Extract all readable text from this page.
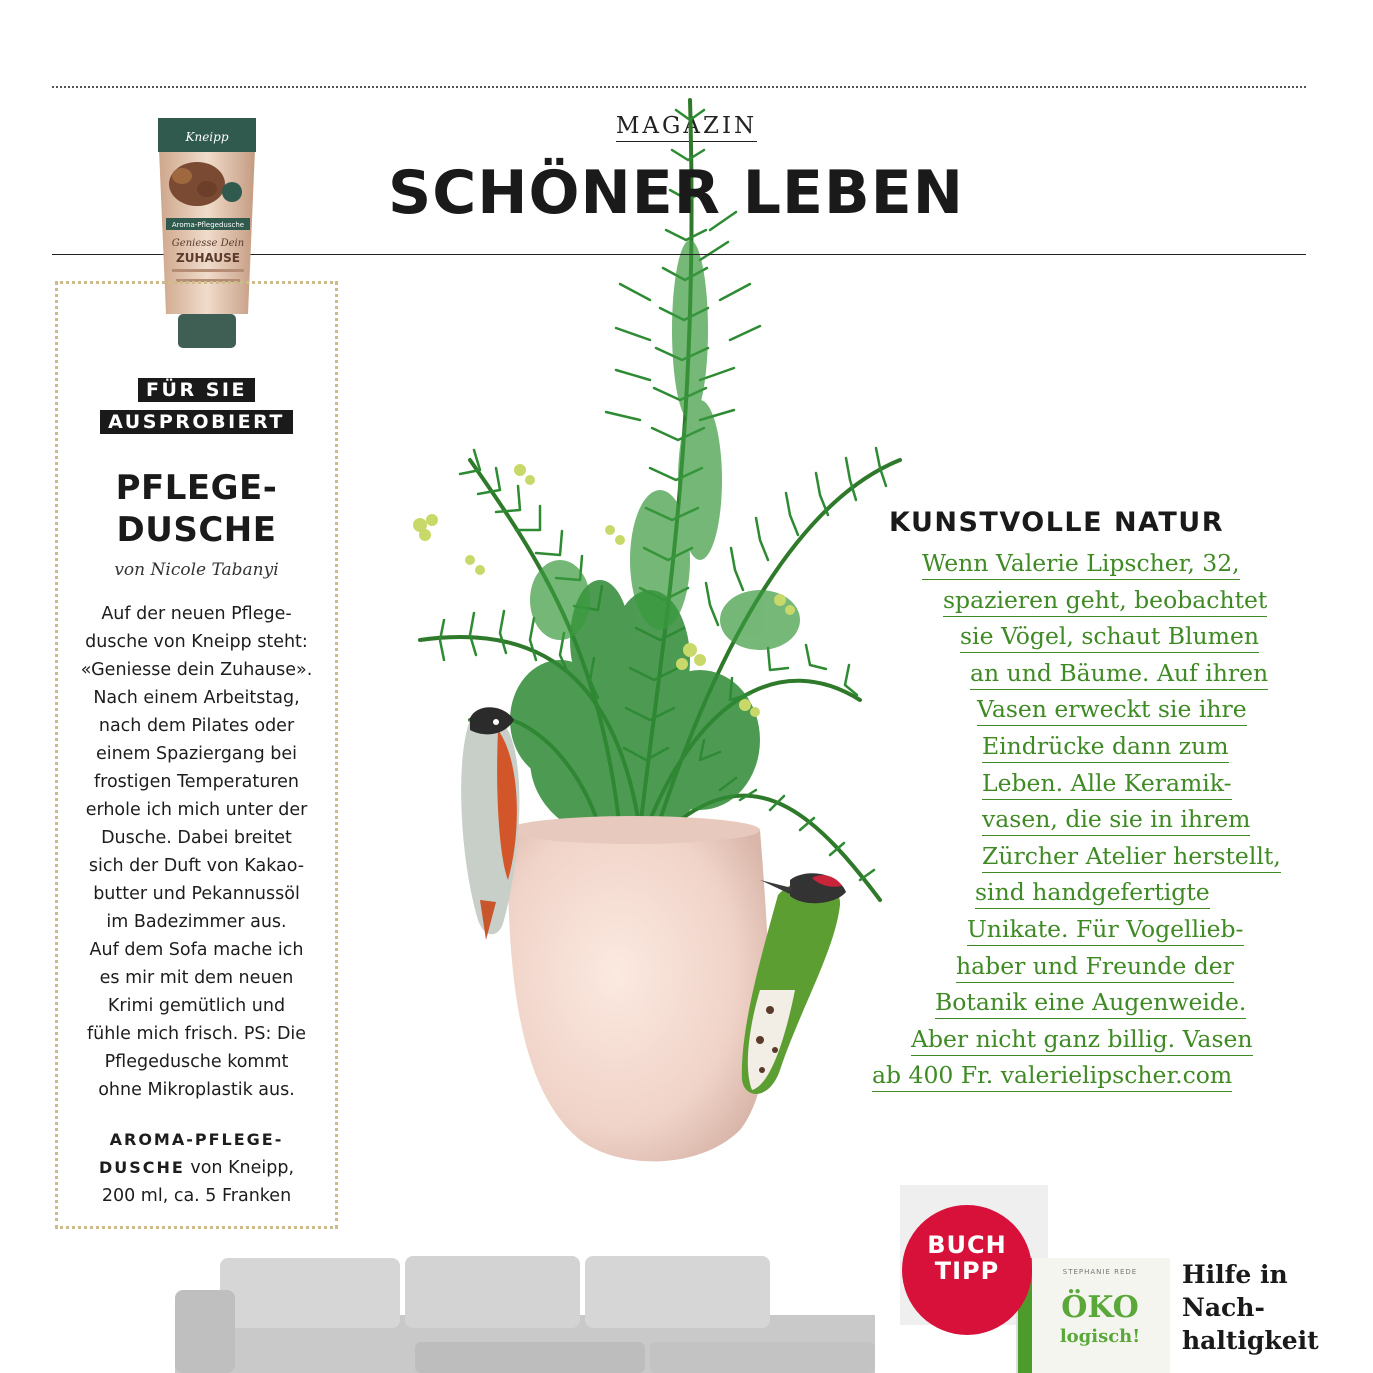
MAGAZIN
SCHÖNER LEBEN
Kneipp
Aroma-Pflegedusche
Geniesse Dein
ZUHAUSE
FÜR SIE
AUSPROBIERT
PFLEGE-
DUSCHE
von Nicole Tabanyi
Auf der neuen Pflege-
dusche von Kneipp steht:
«Geniesse dein Zuhause».
Nach einem Arbeitstag,
nach dem Pilates oder
einem Spaziergang bei
frostigen Temperaturen
erhole ich mich unter der
Dusche. Dabei breitet
sich der Duft von Kakao-
butter und Pekannussöl
im Badezimmer aus.
Auf dem Sofa mache ich
es mir mit dem neuen
Krimi gemütlich und
fühle mich frisch. PS: Die
Pflegedusche kommt
ohne Mikroplastik aus.
AROMA-PFLEGE-
DUSCHE von Kneipp,
200 ml, ca. 5 Franken
KUNSTVOLLE NATUR
Wenn Valerie Lipscher, 32,
spazieren geht, beobachtet
sie Vögel, schaut Blumen
an und Bäume. Auf ihren
Vasen erweckt sie ihre
Eindrücke dann zum
Leben. Alle Keramik-
vasen, die sie in ihrem
Zürcher Atelier herstellt,
sind handgefertigte
Unikate. Für Vogellieb-
haber und Freunde der
Botanik eine Augenweide.
Aber nicht ganz billig. Vasen
ab 400 Fr. valerielipscher.com
STEPHANIE REDE
ÖKO
logisch!
BUCH
TIPP	Hilfe in
Nach-
haltigkeit
